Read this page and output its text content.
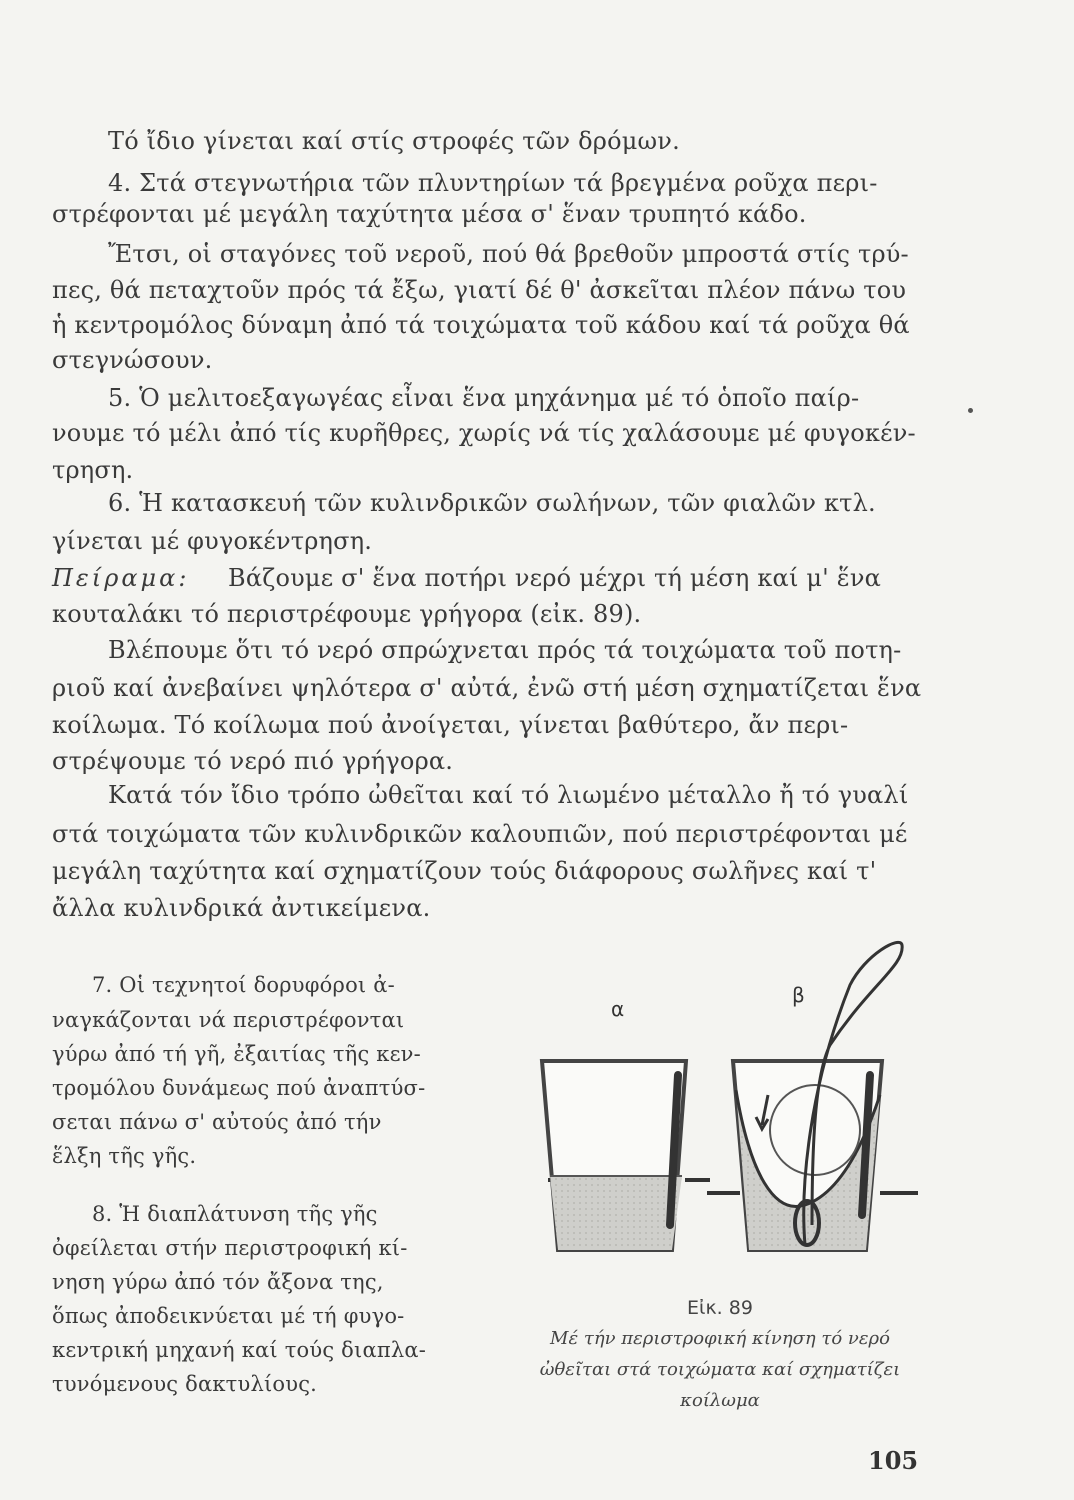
Τό ἴδιο γίνεται καί στίς στροφές τῶν δρόμων.
4. Στά στεγνωτήρια τῶν πλυντηρίων τά βρεγμένα ροῦχα περι-
στρέφονται μέ μεγάλη ταχύτητα μέσα σ' ἕναν τρυπητό κάδο.
Ἔτσι, οἱ σταγόνες τοῦ νεροῦ, πού θά βρεθοῦν μπροστά στίς τρύ-
πες, θά πεταχτοῦν πρός τά ἔξω, γιατί δέ θ' ἀσκεῖται πλέον πάνω του
ἡ κεντρομόλος δύναμη ἀπό τά τοιχώματα τοῦ κάδου καί τά ροῦχα θά
στεγνώσουν.
5. Ὁ μελιτοεξαγωγέας εἶναι ἕνα μηχάνημα μέ τό ὁποῖο παίρ-
νουμε τό μέλι ἀπό τίς κυρῆθρες, χωρίς νά τίς χαλάσουμε μέ φυγοκέν-
τρηση.
6. Ἡ κατασκευή τῶν κυλινδρικῶν σωλήνων, τῶν φιαλῶν κτλ.
γίνεται μέ φυγοκέντρηση.
Πείραμα: Βάζουμε σ' ἕνα ποτήρι νερό μέχρι τή μέση καί μ' ἕνα
κουταλάκι τό περιστρέφουμε γρήγορα (εἰκ. 89).
Βλέπουμε ὅτι τό νερό σπρώχνεται πρός τά τοιχώματα τοῦ ποτη-
ριοῦ καί ἀνεβαίνει ψηλότερα σ' αὐτά, ἐνῶ στή μέση σχηματίζεται ἕνα
κοίλωμα. Τό κοίλωμα πού ἀνοίγεται, γίνεται βαθύτερο, ἄν περι-
στρέψουμε τό νερό πιό γρήγορα.
Κατά τόν ἴδιο τρόπο ὠθεῖται καί τό λιωμένο μέταλλο ἤ τό γυαλί
στά τοιχώματα τῶν κυλινδρικῶν καλουπιῶν, πού περιστρέφονται μέ
μεγάλη ταχύτητα καί σχηματίζουν τούς διάφορους σωλῆνες καί τ'
ἄλλα κυλινδρικά ἀντικείμενα.
7. Οἱ τεχνητοί δορυφόροι ἀ-
ναγκάζονται νά περιστρέφονται
γύρω ἀπό τή γῆ, ἐξαιτίας τῆς κεν-
τρομόλου δυνάμεως πού ἀναπτύσ-
σεται πάνω σ' αὐτούς ἀπό τήν
ἕλξη τῆς γῆς.
8. Ἡ διαπλάτυνση τῆς γῆς
ὀφείλεται στήν περιστροφική κί-
νηση γύρω ἀπό τόν ἄξονα της,
ὅπως ἀποδεικνύεται μέ τή φυγο-
κεντρική μηχανή καί τούς διαπλα-
τυνόμενους δακτυλίους.
α
β
Εἰκ. 89
Μέ τήν περιστροφική κίνηση τό νερό
ὠθεῖται στά τοιχώματα καί σχηματίζει
κοίλωμα
105
